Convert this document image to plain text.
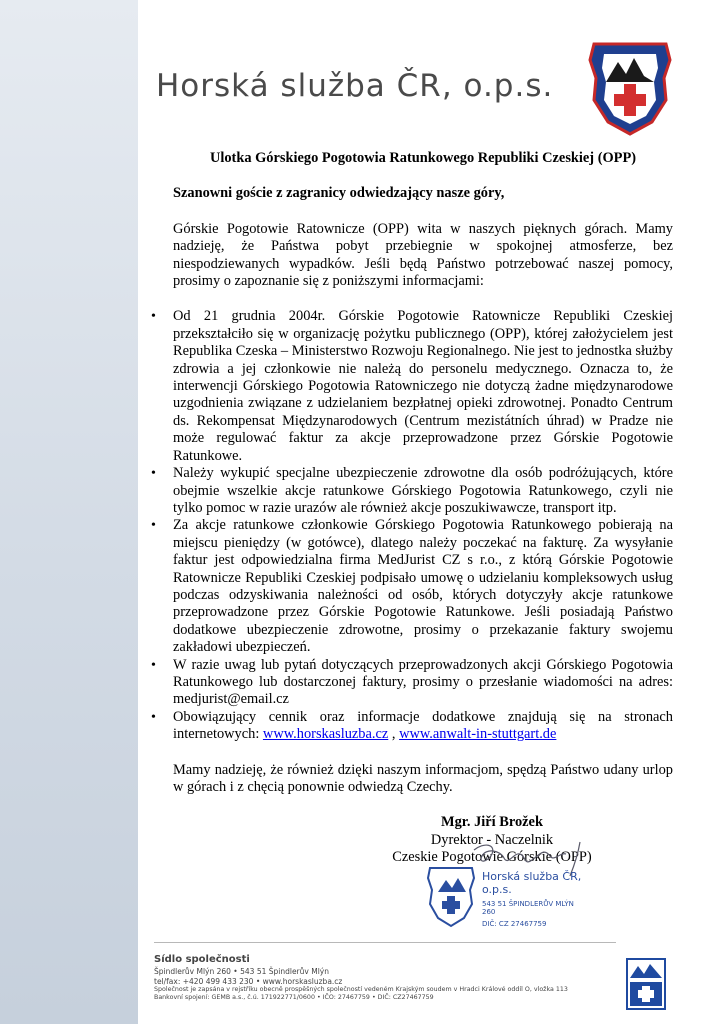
Horská služba ČR, o.p.s.

Ulotka Górskiego Pogotowia Ratunkowego Republiki Czeskiej (OPP)

Szanowni goście z zagranicy odwiedzający nasze góry,

Górskie Pogotowie Ratownicze (OPP) wita w naszych pięknych górach. Mamy nadzieję, że Państwa pobyt przebiegnie w spokojnej atmosferze, bez niespodziewanych wypadków. Jeśli będą Państwo potrzebować naszej pomocy, prosimy o zapoznanie się z poniższymi informacjami:

• Od 21 grudnia 2004r. Górskie Pogotowie Ratownicze Republiki Czeskiej przekształciło się w organizację pożytku publicznego (OPP), której założycielem jest Republika Czeska – Ministerstwo Rozwoju Regionalnego. Nie jest to jednostka służby zdrowia a jej członkowie nie należą do personelu medycznego. Oznacza to, że interwencji Górskiego Pogotowia Ratowniczego nie dotyczą żadne międzynarodowe uzgodnienia związane z udzielaniem bezpłatnej opieki zdrowotnej. Ponadto Centrum ds. Rekompensat Międzynarodowych (Centrum mezistátních úhrad) w Pradze nie może regulować faktur za akcje przeprowadzone przez Górskie Pogotowie Ratunkowe.
• Należy wykupić specjalne ubezpieczenie zdrowotne dla osób podróżujących, które obejmie wszelkie akcje ratunkowe Górskiego Pogotowia Ratunkowego, czyli nie tylko pomoc w razie urazów ale również akcje poszukiwawcze, transport itp.
• Za akcje ratunkowe członkowie Górskiego Pogotowia Ratunkowego pobierają na miejscu pieniędzy (w gotówce), dlatego należy poczekać na fakturę. Za wysyłanie faktur jest odpowiedzialna firma MedJurist CZ s r.o., z którą Górskie Pogotowie Ratownicze Republiki Czeskiej podpisało umowę o udzielaniu kompleksowych usług podczas odzyskiwania należności od osób, których dotyczyły akcje ratunkowe przeprowadzone przez Górskie Pogotowie Ratunkowe. Jeśli posiadają Państwo dodatkowe ubezpieczenie zdrowotne, prosimy o przekazanie faktury swojemu zakładowi ubezpieczeń.
• W razie uwag lub pytań dotyczących przeprowadzonych akcji Górskiego Pogotowia Ratunkowego lub dostarczonej faktury, prosimy o przesłanie wiadomości na adres: medjurist@email.cz
• Obowiązujący cennik oraz informacje dodatkowe znajdują się na stronach internetowych: www.horskasluzba.cz , www.anwalt-in-stuttgart.de

Mamy nadzieję, że również dzięki naszym informacjom, spędzą Państwo udany urlop w górach i z chęcią ponownie odwiedzą Czechy.

Mgr. Jiří Brožek
Dyrektor - Naczelnik
Czeskie Pogotowie Górskie (OPP)
Horská služba ČR, o.p.s.
543 51 ŠPINDLERŮV MLÝN 260
DIČ: CZ 27467759
Sídlo společnosti
Špindlerův Mlýn 260 • 543 51 Špindlerův Mlýn
tel/fax: +420 499 433 230 • www.horskasluzba.cz
Společnost je zapsána v rejstříku obecně prospěšných společností vedeném Krajským soudem v Hradci Králové oddíl O, vložka 113
Bankovní spojení: GEMB a.s., č.ú. 171922771/0600 • IČO: 27467759 • DIČ: CZ27467759
